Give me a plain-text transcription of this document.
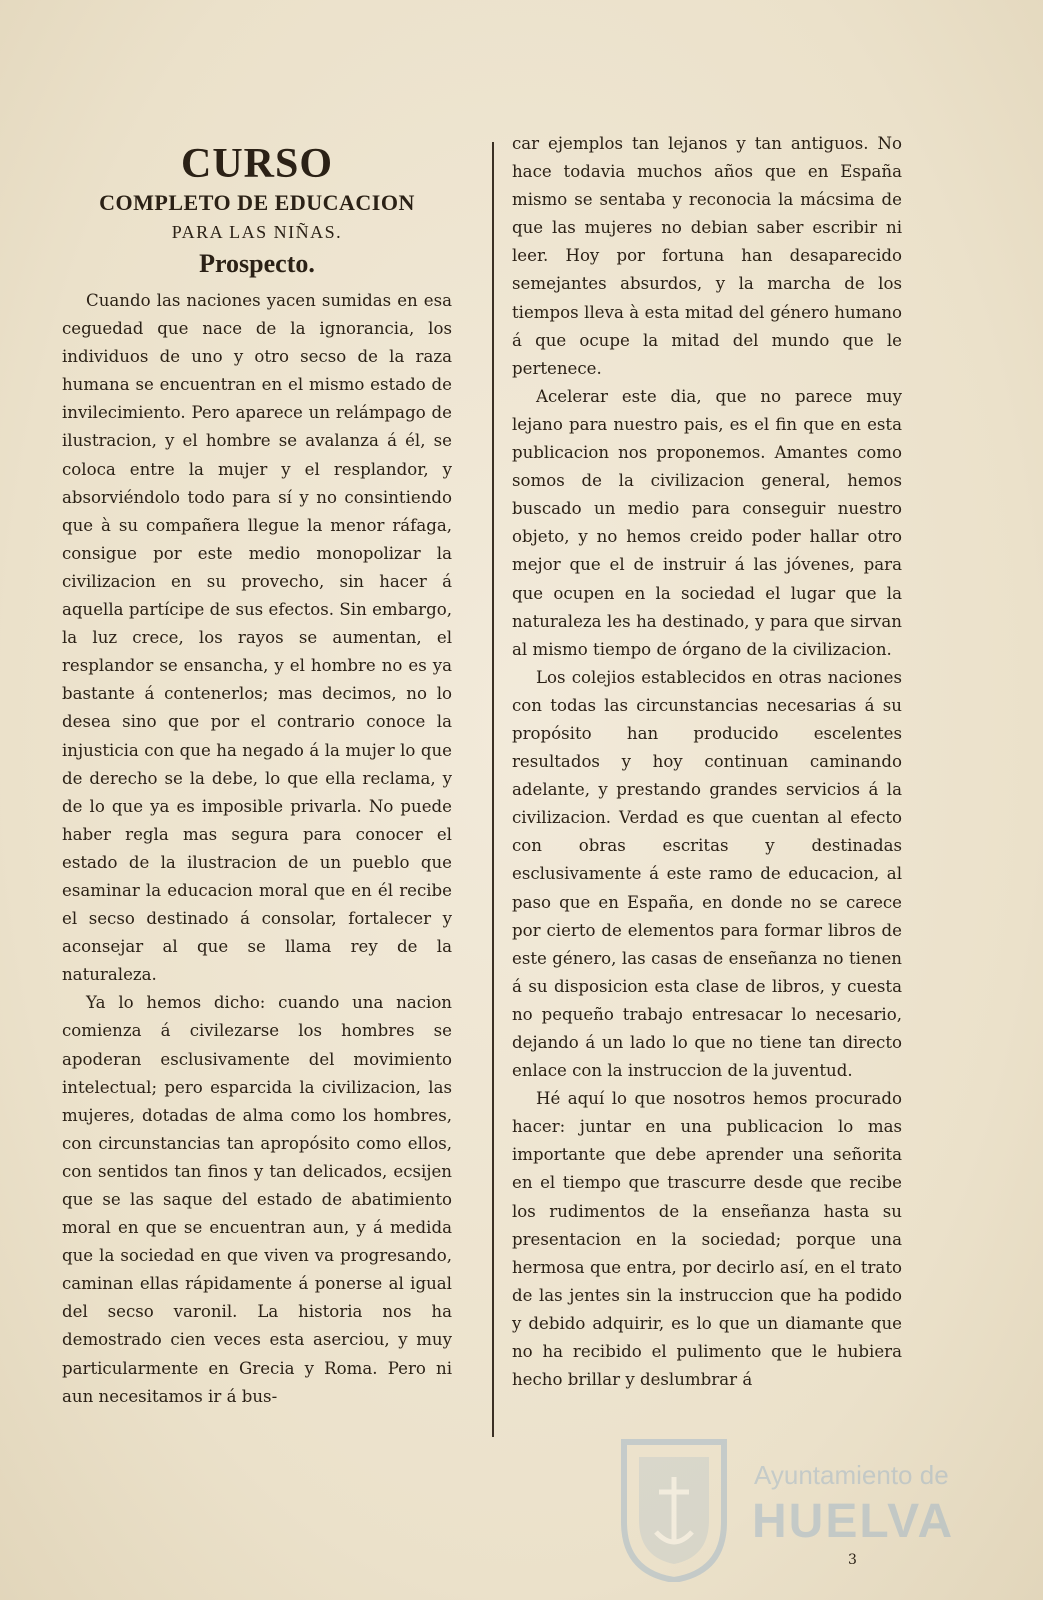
CURSO
COMPLETO DE EDUCACION
PARA LAS NIÑAS.
Prospecto.

Cuando las naciones yacen sumidas en esa ceguedad que nace de la ignorancia, los individuos de uno y otro secso de la raza humana se encuentran en el mismo estado de invilecimiento. Pero aparece un relámpago de ilustracion, y el hombre se avalanza á él, se coloca entre la mujer y el resplandor, y absorviéndolo todo para sí y no consintiendo que à su compañera llegue la menor ráfaga, consigue por este medio monopolizar la civilizacion en su provecho, sin hacer á aquella partícipe de sus efectos. Sin embargo, la luz crece, los rayos se aumentan, el resplandor se ensancha, y el hombre no es ya bastante á contenerlos; mas decimos, no lo desea sino que por el contrario conoce la injusticia con que ha negado á la mujer lo que de derecho se la debe, lo que ella reclama, y de lo que ya es imposible privarla. No puede haber regla mas segura para conocer el estado de la ilustracion de un pueblo que esaminar la educacion moral que en él recibe el secso destinado á consolar, fortalecer y aconsejar al que se llama rey de la naturaleza.

Ya lo hemos dicho: cuando una nacion comienza á civilezarse los hombres se apoderan esclusivamente del movimiento intelectual; pero esparcida la civilizacion, las mujeres, dotadas de alma como los hombres, con circunstancias tan apropósito como ellos, con sentidos tan finos y tan delicados, ecsijen que se las saque del estado de abatimiento moral en que se encuentran aun, y á medida que la sociedad en que viven va progresando, caminan ellas rápidamente á ponerse al igual del secso varonil. La historia nos ha demostrado cien veces esta aserciou, y muy particularmente en Grecia y Roma. Pero ni aun necesitamos ir á bus-

car ejemplos tan lejanos y tan antiguos. No hace todavia muchos años que en España mismo se sentaba y reconocia la mácsima de que las mujeres no debian saber escribir ni leer. Hoy por fortuna han desaparecido semejantes absurdos, y la marcha de los tiempos lleva à esta mitad del género humano á que ocupe la mitad del mundo que le pertenece.

Acelerar este dia, que no parece muy lejano para nuestro pais, es el fin que en esta publicacion nos proponemos. Amantes como somos de la civilizacion general, hemos buscado un medio para conseguir nuestro objeto, y no hemos creido poder hallar otro mejor que el de instruir á las jóvenes, para que ocupen en la sociedad el lugar que la naturaleza les ha destinado, y para que sirvan al mismo tiempo de órgano de la civilizacion.

Los colejios establecidos en otras naciones con todas las circunstancias necesarias á su propósito han producido escelentes resultados y hoy continuan caminando adelante, y prestando grandes servicios á la civilizacion. Verdad es que cuentan al efecto con obras escritas y destinadas esclusivamente á este ramo de educacion, al paso que en España, en donde no se carece por cierto de elementos para formar libros de este género, las casas de enseñanza no tienen á su disposicion esta clase de libros, y cuesta no pequeño trabajo entresacar lo necesario, dejando á un lado lo que no tiene tan directo enlace con la instruccion de la juventud.

Hé aquí lo que nosotros hemos procurado hacer: juntar en una publicacion lo mas importante que debe aprender una señorita en el tiempo que trascurre desde que recibe los rudimentos de la enseñanza hasta su presentacion en la sociedad; porque una hermosa que entra, por decirlo así, en el trato de las jentes sin la instruccion que ha podido y debido adquirir, es lo que un diamante que no ha recibido el pulimento que le hubiera hecho brillar y deslumbrar á

Ayuntamiento de
HUELVA
3
